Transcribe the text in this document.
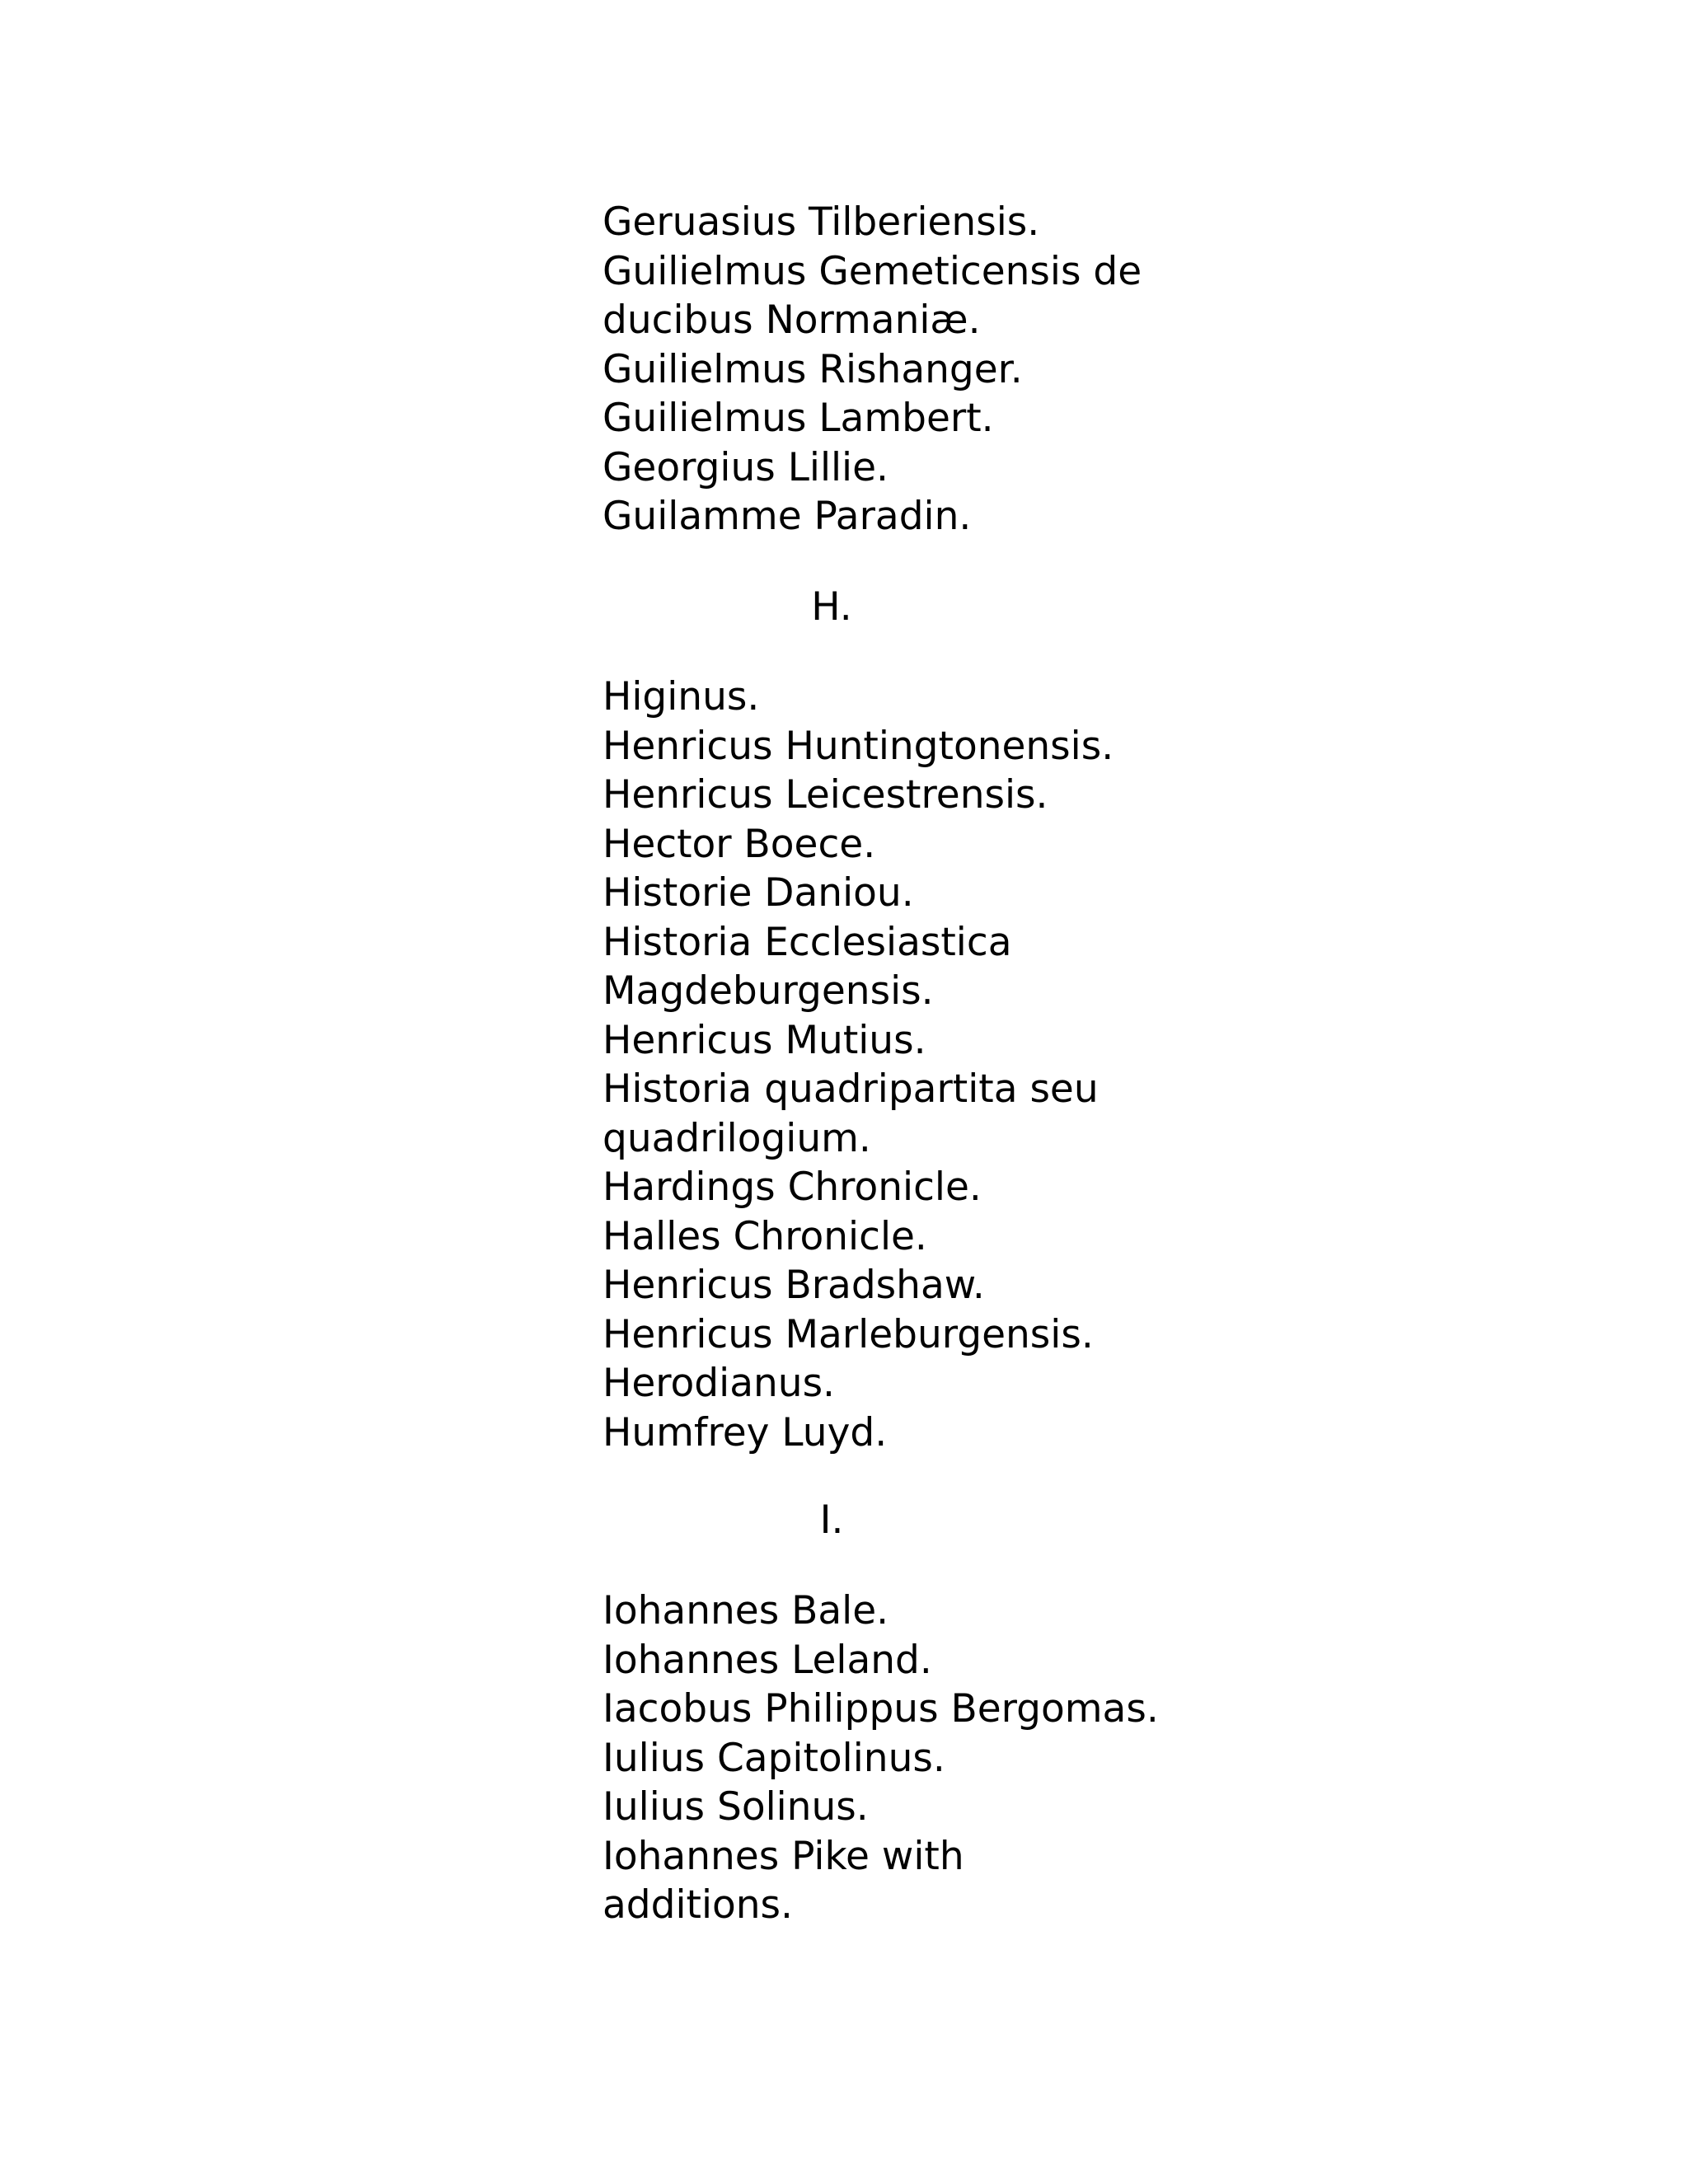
Geruasius Tilberiensis.
Guilielmus Gemeticensis de
ducibus Normaniæ.
Guilielmus Rishanger.
Guilielmus Lambert.
Georgius Lillie.
Guilamme Paradin.
H.
Higinus.
Henricus Huntingtonensis.
Henricus Leicestrensis.
Hector Boece.
Historie Daniou.
Historia Ecclesiastica
Magdeburgensis.
Henricus Mutius.
Historia quadripartita seu
quadrilogium.
Hardings Chronicle.
Halles Chronicle.
Henricus Bradshaw.
Henricus Marleburgensis.
Herodianus.
Humfrey Luyd.
I.
Iohannes Bale.
Iohannes Leland.
Iacobus Philippus Bergomas.
Iulius Capitolinus.
Iulius Solinus.
Iohannes Pike with
additions.
